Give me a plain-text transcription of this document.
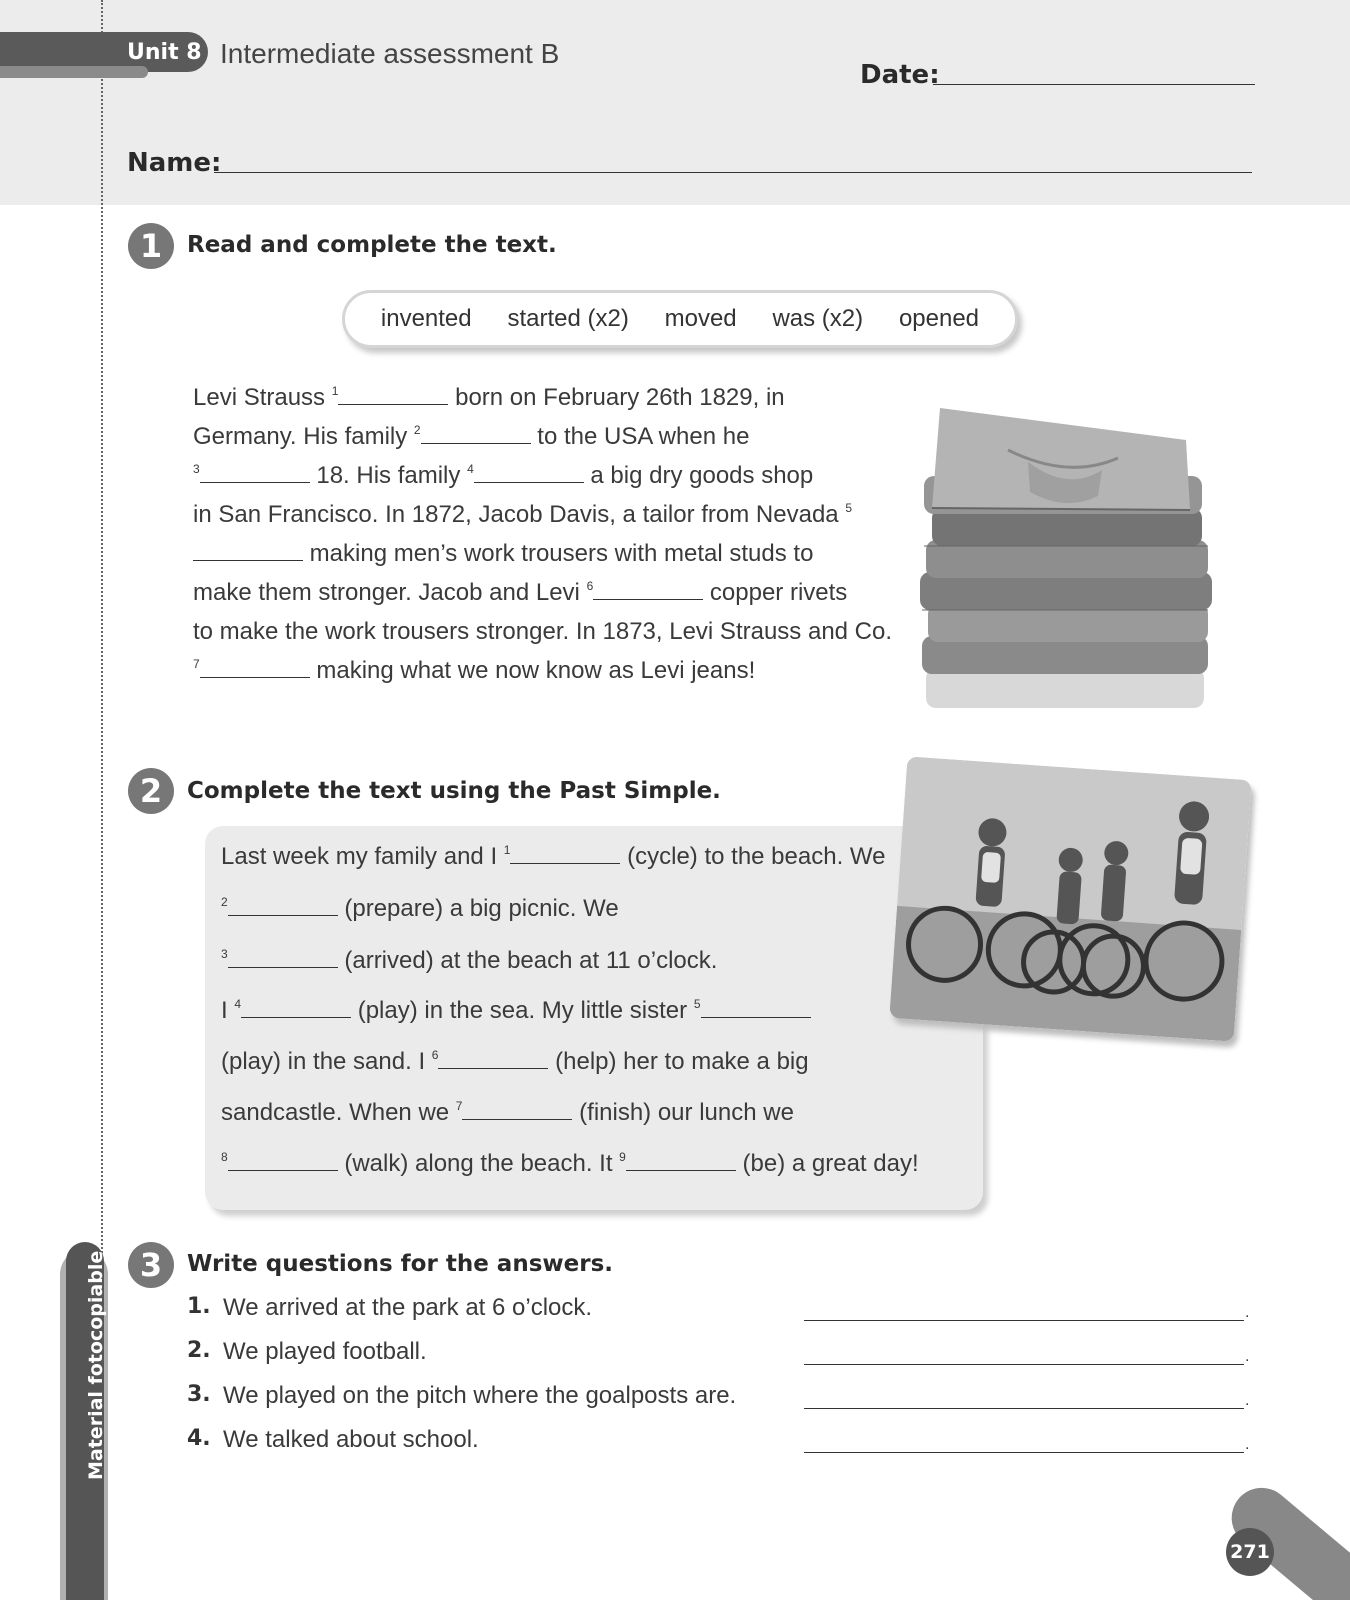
Unit 8 Intermediate assessment B
Date:
Name:
1	Read and complete the text.
invented started (x2) moved was (x2) opened
Levi Strauss $^1$	born on February 26th 1829, in
Germany. His family $^2$	to the USA when he
$^3$	18. His family $^4$	a big dry goods shop
in San Francisco. In 1872, Jacob Davis, a tailor from Nevada $^5$
making men’s work trousers with metal studs to
make them stronger. Jacob and Levi $^6$	copper rivets
to make the work trousers stronger. In 1873, Levi Strauss and Co.
$^7$	making what we now know as Levi jeans!
2	Complete the text using the Past Simple.
Last week my family and I $^1$	(cycle) to the beach. We
$^2$	(prepare) a big picnic. We
$^3$	(arrived) at the beach at 11 o’clock.
I $^4$	(play) in the sea. My little sister $^5$
(play) in the sand. I $^6$	(help) her to make a big
sandcastle. When we $^7$	(finish) our lunch we
$^8$	(walk) along the beach. It $^9$	(be) a great day!
3	Write questions for the answers.
1. We arrived at the park at 6 o’clock.	.
2. We played football.	.
3. We played on the pitch where the goalposts are.	.
4. We talked about school.	.
Material fotocopiable
271
